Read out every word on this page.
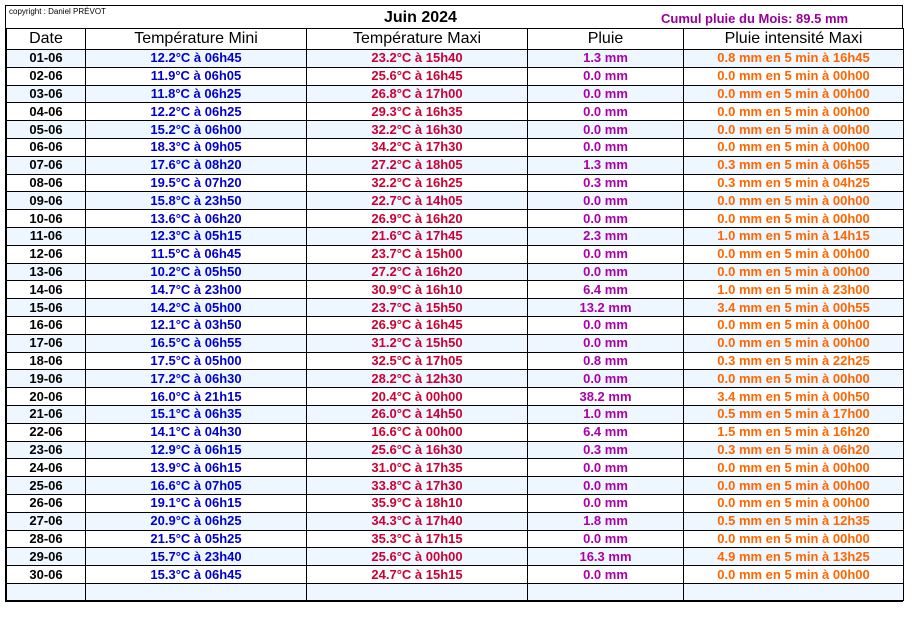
copyright : Daniel PRÉVOT	Juin 2024	Cumul pluie du Mois: 89.5 mm
Date	Température Mini	Température Maxi	Pluie	Pluie intensité Maxi
01-06	12.2°C à 06h45	23.2°C à 15h40	1.3 mm	0.8 mm en 5 min à 16h45
02-06	11.9°C à 06h05	25.6°C à 16h45	0.0 mm	0.0 mm en 5 min à 00h00
03-06	11.8°C à 06h25	26.8°C à 17h00	0.0 mm	0.0 mm en 5 min à 00h00
04-06	12.2°C à 06h25	29.3°C à 16h35	0.0 mm	0.0 mm en 5 min à 00h00
05-06	15.2°C à 06h00	32.2°C à 16h30	0.0 mm	0.0 mm en 5 min à 00h00
06-06	18.3°C à 09h05	34.2°C à 17h30	0.0 mm	0.0 mm en 5 min à 00h00
07-06	17.6°C à 08h20	27.2°C à 18h05	1.3 mm	0.3 mm en 5 min à 06h55
08-06	19.5°C à 07h20	32.2°C à 16h25	0.3 mm	0.3 mm en 5 min à 04h25
09-06	15.8°C à 23h50	22.7°C à 14h05	0.0 mm	0.0 mm en 5 min à 00h00
10-06	13.6°C à 06h20	26.9°C à 16h20	0.0 mm	0.0 mm en 5 min à 00h00
11-06	12.3°C à 05h15	21.6°C à 17h45	2.3 mm	1.0 mm en 5 min à 14h15
12-06	11.5°C à 06h45	23.7°C à 15h00	0.0 mm	0.0 mm en 5 min à 00h00
13-06	10.2°C à 05h50	27.2°C à 16h20	0.0 mm	0.0 mm en 5 min à 00h00
14-06	14.7°C à 23h00	30.9°C à 16h10	6.4 mm	1.0 mm en 5 min à 23h00
15-06	14.2°C à 05h00	23.7°C à 15h50	13.2 mm	3.4 mm en 5 min à 00h55
16-06	12.1°C à 03h50	26.9°C à 16h45	0.0 mm	0.0 mm en 5 min à 00h00
17-06	16.5°C à 06h55	31.2°C à 15h50	0.0 mm	0.0 mm en 5 min à 00h00
18-06	17.5°C à 05h00	32.5°C à 17h05	0.8 mm	0.3 mm en 5 min à 22h25
19-06	17.2°C à 06h30	28.2°C à 12h30	0.0 mm	0.0 mm en 5 min à 00h00
20-06	16.0°C à 21h15	20.4°C à 00h00	38.2 mm	3.4 mm en 5 min à 00h50
21-06	15.1°C à 06h35	26.0°C à 14h50	1.0 mm	0.5 mm en 5 min à 17h00
22-06	14.1°C à 04h30	16.6°C à 00h00	6.4 mm	1.5 mm en 5 min à 16h20
23-06	12.9°C à 06h15	25.6°C à 16h30	0.3 mm	0.3 mm en 5 min à 06h20
24-06	13.9°C à 06h15	31.0°C à 17h35	0.0 mm	0.0 mm en 5 min à 00h00
25-06	16.6°C à 07h05	33.8°C à 17h30	0.0 mm	0.0 mm en 5 min à 00h00
26-06	19.1°C à 06h15	35.9°C à 18h10	0.0 mm	0.0 mm en 5 min à 00h00
27-06	20.9°C à 06h25	34.3°C à 17h40	1.8 mm	0.5 mm en 5 min à 12h35
28-06	21.5°C à 05h25	35.3°C à 17h15	0.0 mm	0.0 mm en 5 min à 00h00
29-06	15.7°C à 23h40	25.6°C à 00h00	16.3 mm	4.9 mm en 5 min à 13h25
30-06	15.3°C à 06h45	24.7°C à 15h15	0.0 mm	0.0 mm en 5 min à 00h00
